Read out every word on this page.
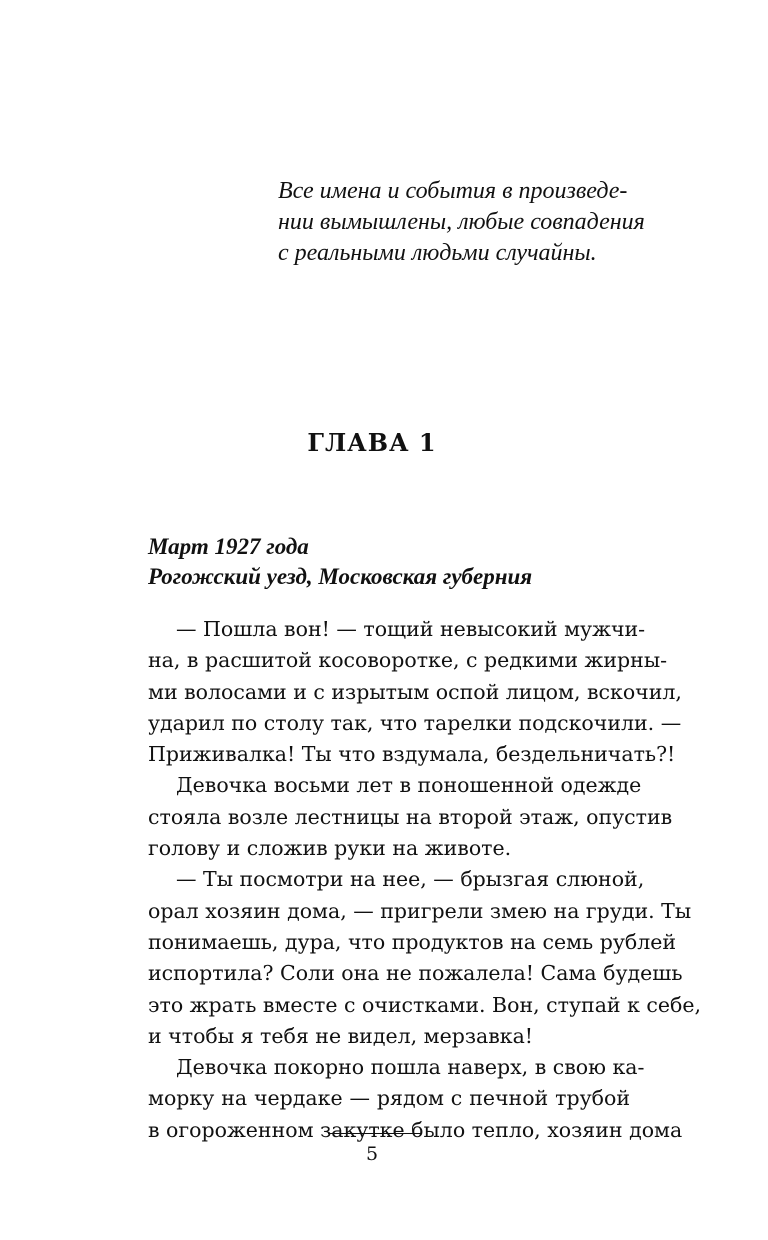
Все имена и события в произведе-
нии вымышлены, любые совпадения
с реальными людьми случайны.
ГЛАВА 1
Март 1927 года
Рогожский уезд, Московская губерния
— Пошла вон! — тощий невысокий мужчи-
на, в расшитой косоворотке, с редкими жирны-
ми волосами и с изрытым оспой лицом, вскочил,
ударил по столу так, что тарелки подскочили. —
Приживалка! Ты что вздумала, бездельничать?!
Девочка восьми лет в поношенной одежде
стояла возле лестницы на второй этаж, опустив
голову и сложив руки на животе.
— Ты посмотри на нее, — брызгая слюной,
орал хозяин дома, — пригрели змею на груди. Ты
понимаешь, дура, что продуктов на семь рублей
испортила? Соли она не пожалела! Сама будешь
это жрать вместе с очистками. Вон, ступай к себе,
и чтобы я тебя не видел, мерзавка!
Девочка покорно пошла наверх, в свою ка-
морку на чердаке — рядом с печной трубой
в огороженном закутке было тепло, хозяин дома
5
